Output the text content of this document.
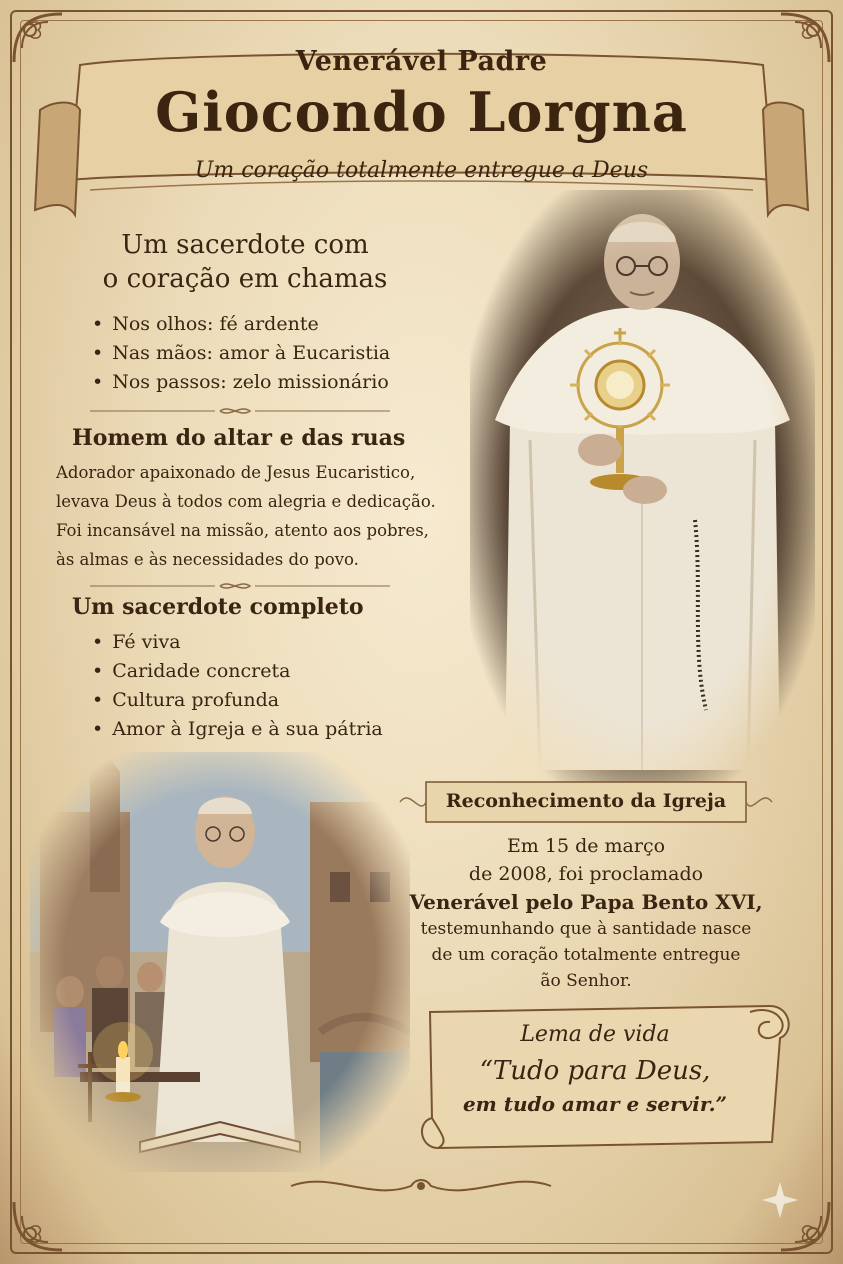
Venerável Padre
Giocondo Lorgna
Um coração totalmente entregue a Deus
Um sacerdote com
o coração em chamas
• Nos olhos: fé ardente
• Nas mãos: amor à Eucaristia
• Nos passos: zelo missionário
Homem do altar e das ruas
Adorador apaixonado de Jesus Eucaristico,
levava Deus à todos com alegria e dedicação.
Foi incansável na missão, atento aos pobres,
às almas e às necessidades do povo.
Um sacerdote completo
• Fé viva
• Caridade concreta
• Cultura profunda
• Amor à Igreja e à sua pátria
Reconhecimento da Igreja
Em 15 de março
de 2008, foi proclamado
Venerável pelo Papa Bento XVI,
testemunhando que à santidade nasce
de um coração totalmente entregue
ão Senhor.
Lema de vida
“Tudo para Deus,
em tudo amar e servir.”
